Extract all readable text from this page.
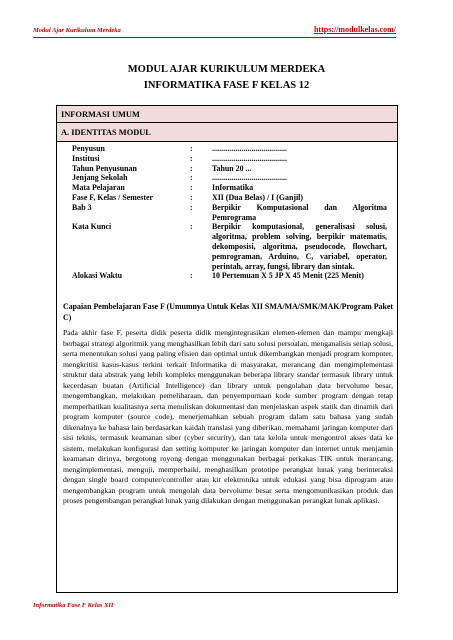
Modul Ajar Kurikulum Merdeka	https://modulkelas.com/
MODUL AJAR KURIKULUM MERDEKA
INFORMATIKA FASE F KELAS 12
INFORMASI UMUM
A. IDENTITAS MODUL
Penyusun	:	......................................
Institusi	:	......................................
Tahun Penyusunan	:	Tahun 20 ...
Jenjang Sekolah	:	......................................
Mata Pelajaran	:	Informatika
Fase F, Kelas / Semester	:	XII (Dua Belas) / I (Ganjil)
Bab 3	:	Berpikir Komputasional dan Algoritma Pemrograma
Kata Kunci	:	Berpikir komputasional, generalisasi solusi, algoritma, problem solving, berpikir matematis, dekomposisi, algoritma, pseudocode, flowchart, pemrograman, Arduino, C, variabel, operator, perintah, array, fungsi, library dan sintak.
Alokasi Waktu	:	10 Pertemuan X 5 JP X 45 Menit (225 Menit)
Capaian Pembelajaran Fase F (Umumnya Untuk Kelas XII SMA/MA/SMK/MAK/Program Paket C)
Pada akhir fase F, peserta didik peserta didik mengintegrasikan elemen-elemen dan mampu mengkaji berbagai strategi algoritmik yang menghasilkan lebih dari satu solusi persoalan, menganalisis setiap solusi, serta menentukan solusi yang paling efisien dan optimal untuk dikembangkan menjadi program komputer, mengkritisi kasus-kasus terkini terkait Informatika di masyarakat, merancang dan mengimplementasi struktur data abstrak yang lebih kompleks menggunakan beberapa library standar termasuk library untuk kecerdasan buatan (Artificial Intelligence) dan library untuk pengolahan data bervolume besar, mengembangkan, melakukan pemeliharaan, dan penyempurnaan kode sumber program dengan tetap memperhatikan kualitasnya serta menuliskan dokumentasi dan menjelaskan aspek statik dan dinamik dari program komputer (source code), menerjemahkan sebuah program dalam satu bahasa yang sudah dikenalnya ke bahasa lain berdasarkan kaidah translasi yang diberikan, memahami jaringan komputer dari sisi teknis, termasuk keamanan siber (cyber security), dan tata kelola untuk mengontrol akses data ke sistem, melakukan konfigurasi dan setting komputer ke jaringan komputer dan internet untuk menjamin keamanan dirinya, bergotong royong dengan menggunakan berbagai perkakas TIK untuk merancang, mengimplementasi, menguji, memperbaiki, menghasilkan prototipe perangkat lunak yang berinteraksi dengan single board computer/controller atau kit elektronika untuk edukasi yang bisa diprogram atau mengembangkan program untuk mengolah data bervolume besar serta mengomunikasikan produk dan proses pengembangan perangkat lunak yang dilakukan dengan menggunakan perangkat lunak aplikasi.
Informatika Fase F Kelas XII
